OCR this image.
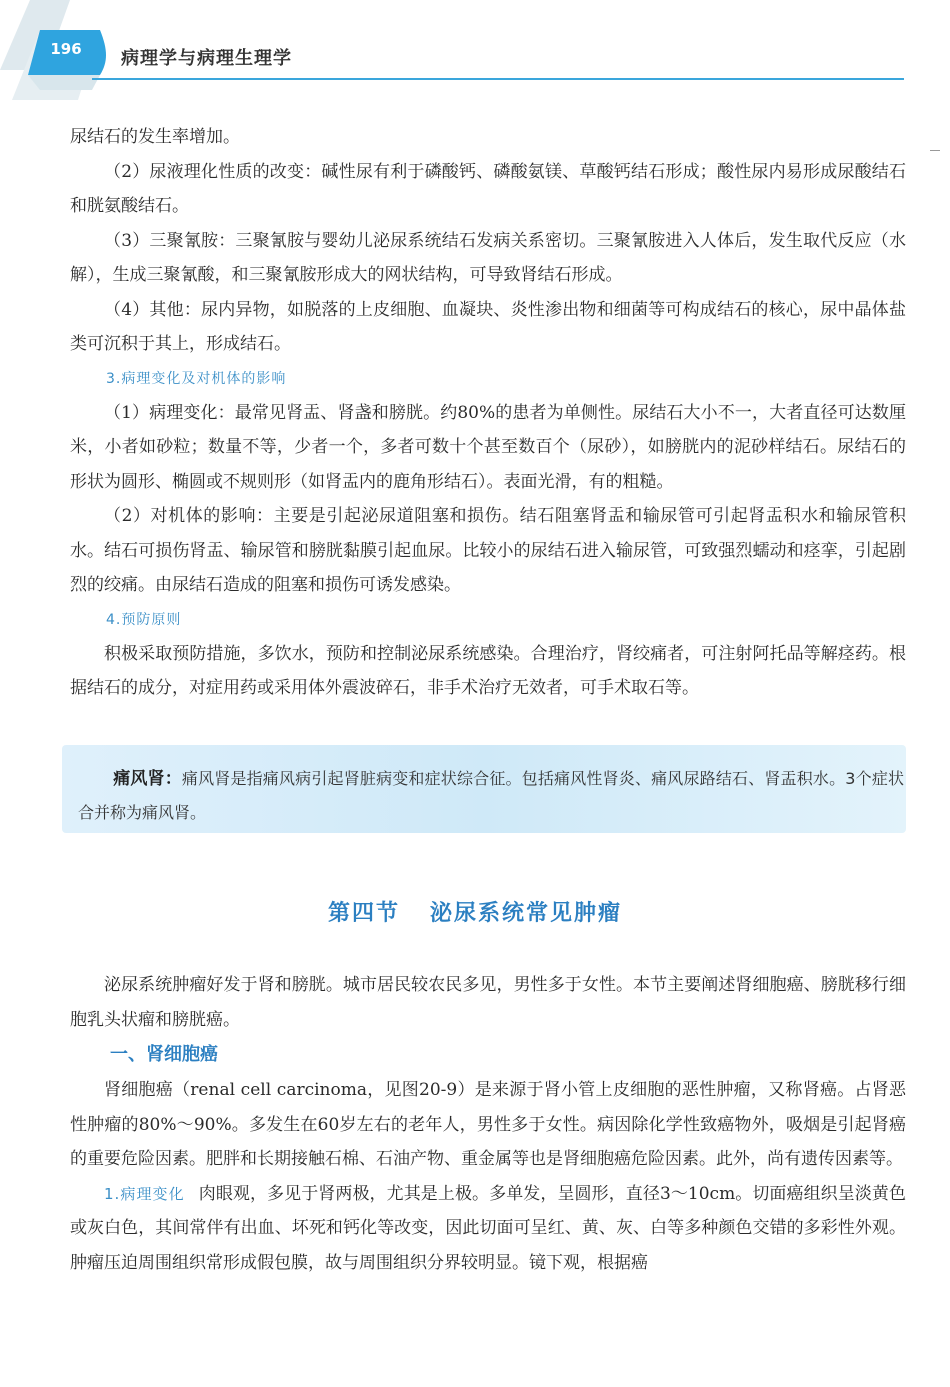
196 病理学与病理生理学

尿结石的发生率增加。

（2）尿液理化性质的改变：碱性尿有利于磷酸钙、磷酸氨镁、草酸钙结石形成；酸性尿内易形成尿酸结石和胱氨酸结石。

（3）三聚氰胺：三聚氰胺与婴幼儿泌尿系统结石发病关系密切。三聚氰胺进入人体后，发生取代反应（水解），生成三聚氰酸，和三聚氰胺形成大的网状结构，可导致肾结石形成。

（4）其他：尿内异物，如脱落的上皮细胞、血凝块、炎性渗出物和细菌等可构成结石的核心，尿中晶体盐类可沉积于其上，形成结石。

3.病理变化及对机体的影响

（1）病理变化：最常见肾盂、肾盏和膀胱。约80%的患者为单侧性。尿结石大小不一，大者直径可达数厘米，小者如砂粒；数量不等，少者一个，多者可数十个甚至数百个（尿砂），如膀胱内的泥砂样结石。尿结石的形状为圆形、椭圆或不规则形（如肾盂内的鹿角形结石）。表面光滑，有的粗糙。

（2）对机体的影响：主要是引起泌尿道阻塞和损伤。结石阻塞肾盂和输尿管可引起肾盂积水和输尿管积水。结石可损伤肾盂、输尿管和膀胱黏膜引起血尿。比较小的尿结石进入输尿管，可致强烈蠕动和痉挛，引起剧烈的绞痛。由尿结石造成的阻塞和损伤可诱发感染。

4.预防原则

积极采取预防措施，多饮水，预防和控制泌尿系统感染。合理治疗，肾绞痛者，可注射阿托品等解痉药。根据结石的成分，对症用药或采用体外震波碎石，非手术治疗无效者，可手术取石等。

痛风肾：痛风肾是指痛风病引起肾脏病变和症状综合征。包括痛风性肾炎、痛风尿路结石、肾盂积水。3个症状合并称为痛风肾。
第四节 泌尿系统常见肿瘤

泌尿系统肿瘤好发于肾和膀胱。城市居民较农民多见，男性多于女性。本节主要阐述肾细胞癌、膀胱移行细胞乳头状瘤和膀胱癌。

一、肾细胞癌

肾细胞癌（renal cell carcinoma，见图20-9）是来源于肾小管上皮细胞的恶性肿瘤，又称肾癌。占肾恶性肿瘤的80%～90%。多发生在60岁左右的老年人，男性多于女性。病因除化学性致癌物外，吸烟是引起肾癌的重要危险因素。肥胖和长期接触石棉、石油产物、重金属等也是肾细胞癌危险因素。此外，尚有遗传因素等。

1.病理变化 肉眼观，多见于肾两极，尤其是上极。多单发，呈圆形，直径3～10cm。切面癌组织呈淡黄色或灰白色，其间常伴有出血、坏死和钙化等改变，因此切面可呈红、黄、灰、白等多种颜色交错的多彩性外观。肿瘤压迫周围组织常形成假包膜，故与周围组织分界较明显。镜下观，根据癌
